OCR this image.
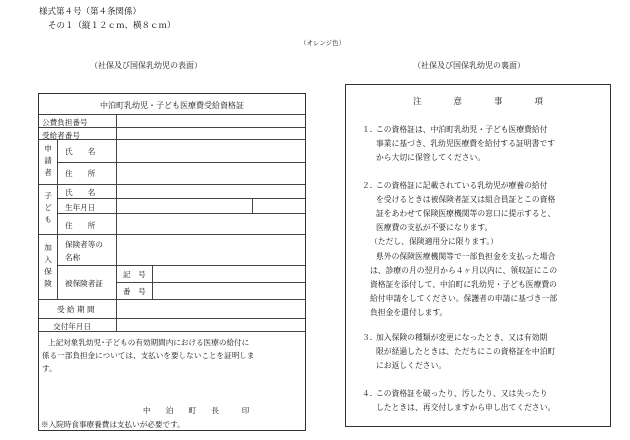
様式第４号（第４条関係）
その１（縦１２ｃｍ、横８ｃｍ）
（オレンジ色）
（社保及び国保乳幼児の表面）	（社保及び国保乳幼児の裏面）
中泊町乳幼児・子ども医療費受給資格証
公費負担番号
受給者番号
申
請
者
氏　　名
住　　所
子
ど
も
氏　　名
生年月日
住　　所
加
入
保
険
保険者等の
名称
被保険者証
記　号
番　号
受 給 期 間
交付年月日
上記対象乳幼児･子どもの有効期間内における医療の給付に
係る一部負担金については、支払いを要しないことを証明しま
す。
中　　泊　　町　　長　　　印
※入院時食事療養費は支払いが必要です。
注意事項
１．
この資格証は、中泊町乳幼児・子ども医療費給付
事業に基づき、乳幼児医療費を給付する証明書です
から大切に保管してください。
２．
この資格証に記載されている乳幼児が療養の給付
を受けるときは被保険者証又は組合員証とこの資格
証をあわせて保険医療機関等の窓口に提示すると、
医療費の支払が不要になります。
（ただし、保険適用分に限ります。）
県外の保険医療機関等で一部負担金を支払った場合
は、診療の月の翌月から４ヶ月以内に、領収証にこの
資格証を添付して、中泊町に乳幼児・子ども医療費の
給付申請をしてください。保護者の申請に基づき一部
負担金を還付します。
３．
加入保険の種類が変更になったとき、又は有効期
限が経過したときは、ただちにこの資格証を中泊町
にお返しください。
４．
この資格証を破ったり、汚したり、又は失ったり
したときは、再交付しますから申し出てください。
